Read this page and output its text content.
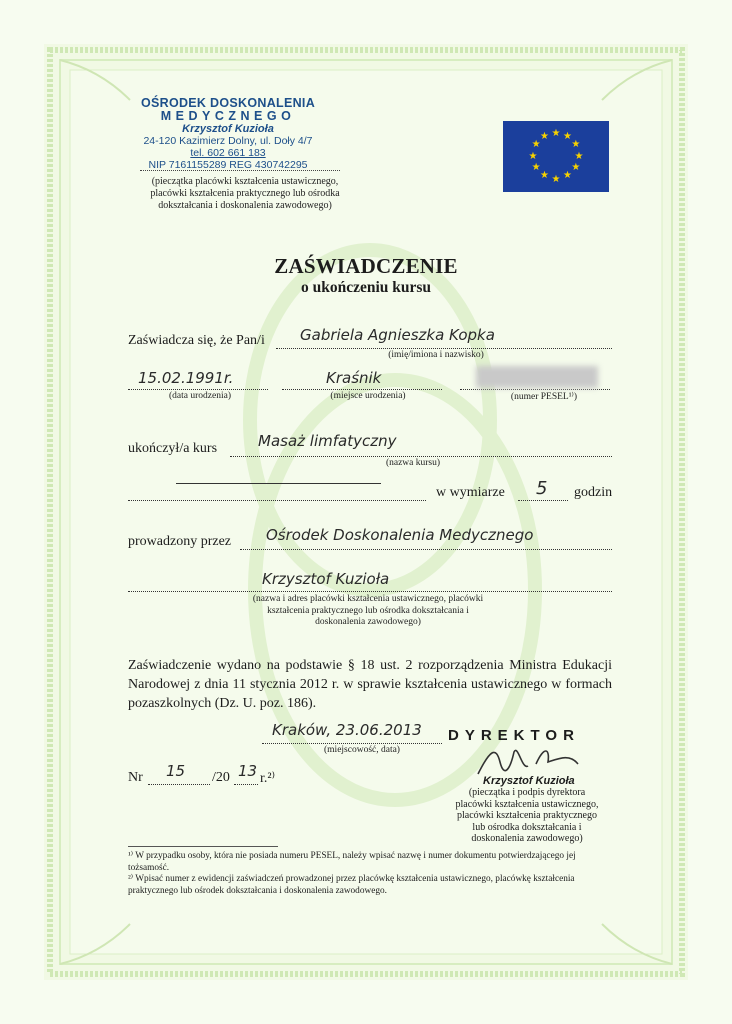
OŚRODEK DOSKONALENIA
MEDYCZNEGO
Krzysztof Kuzioła
24-120 Kazimierz Dolny, ul. Doły 4/7
tel. 602 661 183
NIP 7161155289 REG 430742295
(pieczątka placówki kształcenia ustawicznego, placówki kształcenia praktycznego lub ośrodka dokształcania i doskonalenia zawodowego)
★ ★
★
★
★
★
★
★
★
★
★
★
ZAŚWIADCZENIE
o ukończeniu kursu
Zaświadcza się, że Pan/i Gabriela Agnieszka Kopka
(imię/imiona i nazwisko)
15.02.1991r.
(data urodzenia)
Kraśnik
(miejsce urodzenia)	(numer PESEL¹⁾)
ukończył/a kurs	Masaż limfatyczny
(nazwa kursu)
w wymiarze 5 godzin
prowadzony przez Ośrodek Doskonalenia Medycznego
Krzysztof Kuzioła
(nazwa i adres placówki kształcenia ustawicznego, placówki kształcenia praktycznego lub ośrodka dokształcania i doskonalenia zawodowego)
Zaświadczenie wydano na podstawie § 18 ust. 2 rozporządzenia Ministra Edukacji Narodowej z dnia 11 stycznia 2012 r. w sprawie kształcenia ustawicznego w formach pozaszkolnych (Dz. U. poz. 186).
Kraków, 23.06.2013
(miejscowość, data)
DYREKTOR
Nr 15 /20 13 r.²⁾	Krzysztof Kuzioła
(pieczątka i podpis dyrektora placówki kształcenia ustawicznego, placówki kształcenia praktycznego lub ośrodka dokształcania i doskonalenia zawodowego)
¹⁾ W przypadku osoby, która nie posiada numeru PESEL, należy wpisać nazwę i numer dokumentu potwierdzającego jej tożsamość.
²⁾ Wpisać numer z ewidencji zaświadczeń prowadzonej przez placówkę kształcenia ustawicznego, placówkę kształcenia praktycznego lub ośrodek dokształcania i doskonalenia zawodowego.
